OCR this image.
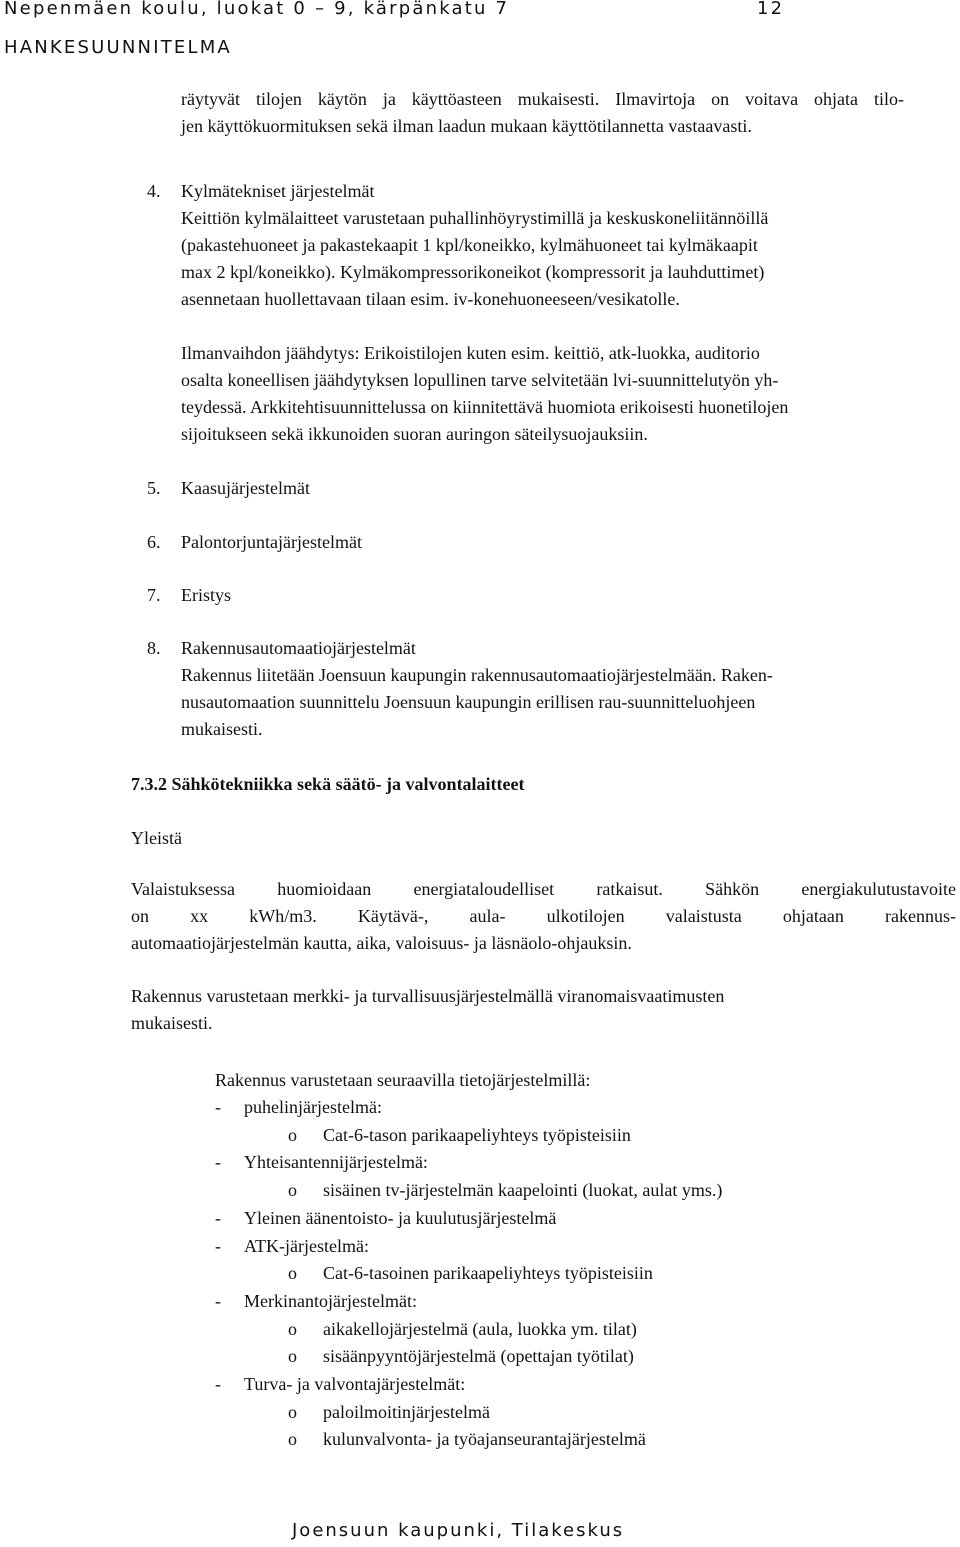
Nepenmäen koulu, luokat 0 – 9, kärpänkatu 7	12
HANKESUUNNITELMA
räytyvät tilojen käytön ja käyttöasteen mukaisesti. Ilmavirtoja on voitava ohjata tilo-
jen käyttökuormituksen sekä ilman laadun mukaan käyttötilannetta vastaavasti.
4. Kylmätekniset järjestelmät
Keittiön kylmälaitteet varustetaan puhallinhöyrystimillä ja keskuskoneliitännöillä
(pakastehuoneet ja pakastekaapit 1 kpl/koneikko, kylmähuoneet tai kylmäkaapit
max 2 kpl/koneikko). Kylmäkompressorikoneikot (kompressorit ja lauhduttimet)
asennetaan huollettavaan tilaan esim. iv-konehuoneeseen/vesikatolle.
Ilmanvaihdon jäähdytys: Erikoistilojen kuten esim. keittiö, atk-luokka, auditorio
osalta koneellisen jäähdytyksen lopullinen tarve selvitetään lvi-suunnittelutyön yh-
teydessä. Arkkitehtisuunnittelussa on kiinnitettävä huomiota erikoisesti huonetilojen
sijoitukseen sekä ikkunoiden suoran auringon säteilysuojauksiin.
5. Kaasujärjestelmät
6. Palontorjuntajärjestelmät
7. Eristys
8. Rakennusautomaatiojärjestelmät
Rakennus liitetään Joensuun kaupungin rakennusautomaatiojärjestelmään. Raken-
nusautomaation suunnittelu Joensuun kaupungin erillisen rau-suunnitteluohjeen
mukaisesti.
7.3.2 Sähkötekniikka sekä säätö- ja valvontalaitteet
Yleistä
Valaistuksessa huomioidaan energiataloudelliset ratkaisut. Sähkön energiakulutustavoite
on xx kWh/m3. Käytävä-, aula- ulkotilojen valaistusta ohjataan rakennus-
automaatiojärjestelmän kautta, aika, valoisuus- ja läsnäolo-ohjauksin.
Rakennus varustetaan merkki- ja turvallisuusjärjestelmällä viranomaisvaatimusten
mukaisesti.
Rakennus varustetaan seuraavilla tietojärjestelmillä:
- puhelinjärjestelmä:
o Cat-6-tason parikaapeliyhteys työpisteisiin
- Yhteisantennijärjestelmä:
o sisäinen tv-järjestelmän kaapelointi (luokat, aulat yms.)
- Yleinen äänentoisto- ja kuulutusjärjestelmä
- ATK-järjestelmä:
o Cat-6-tasoinen parikaapeliyhteys työpisteisiin
- Merkinantojärjestelmät:
o aikakellojärjestelmä (aula, luokka ym. tilat)
o sisäänpyyntöjärjestelmä (opettajan työtilat)
- Turva- ja valvontajärjestelmät:
o paloilmoitinjärjestelmä
o kulunvalvonta- ja työajanseurantajärjestelmä
Joensuun kaupunki, Tilakeskus
